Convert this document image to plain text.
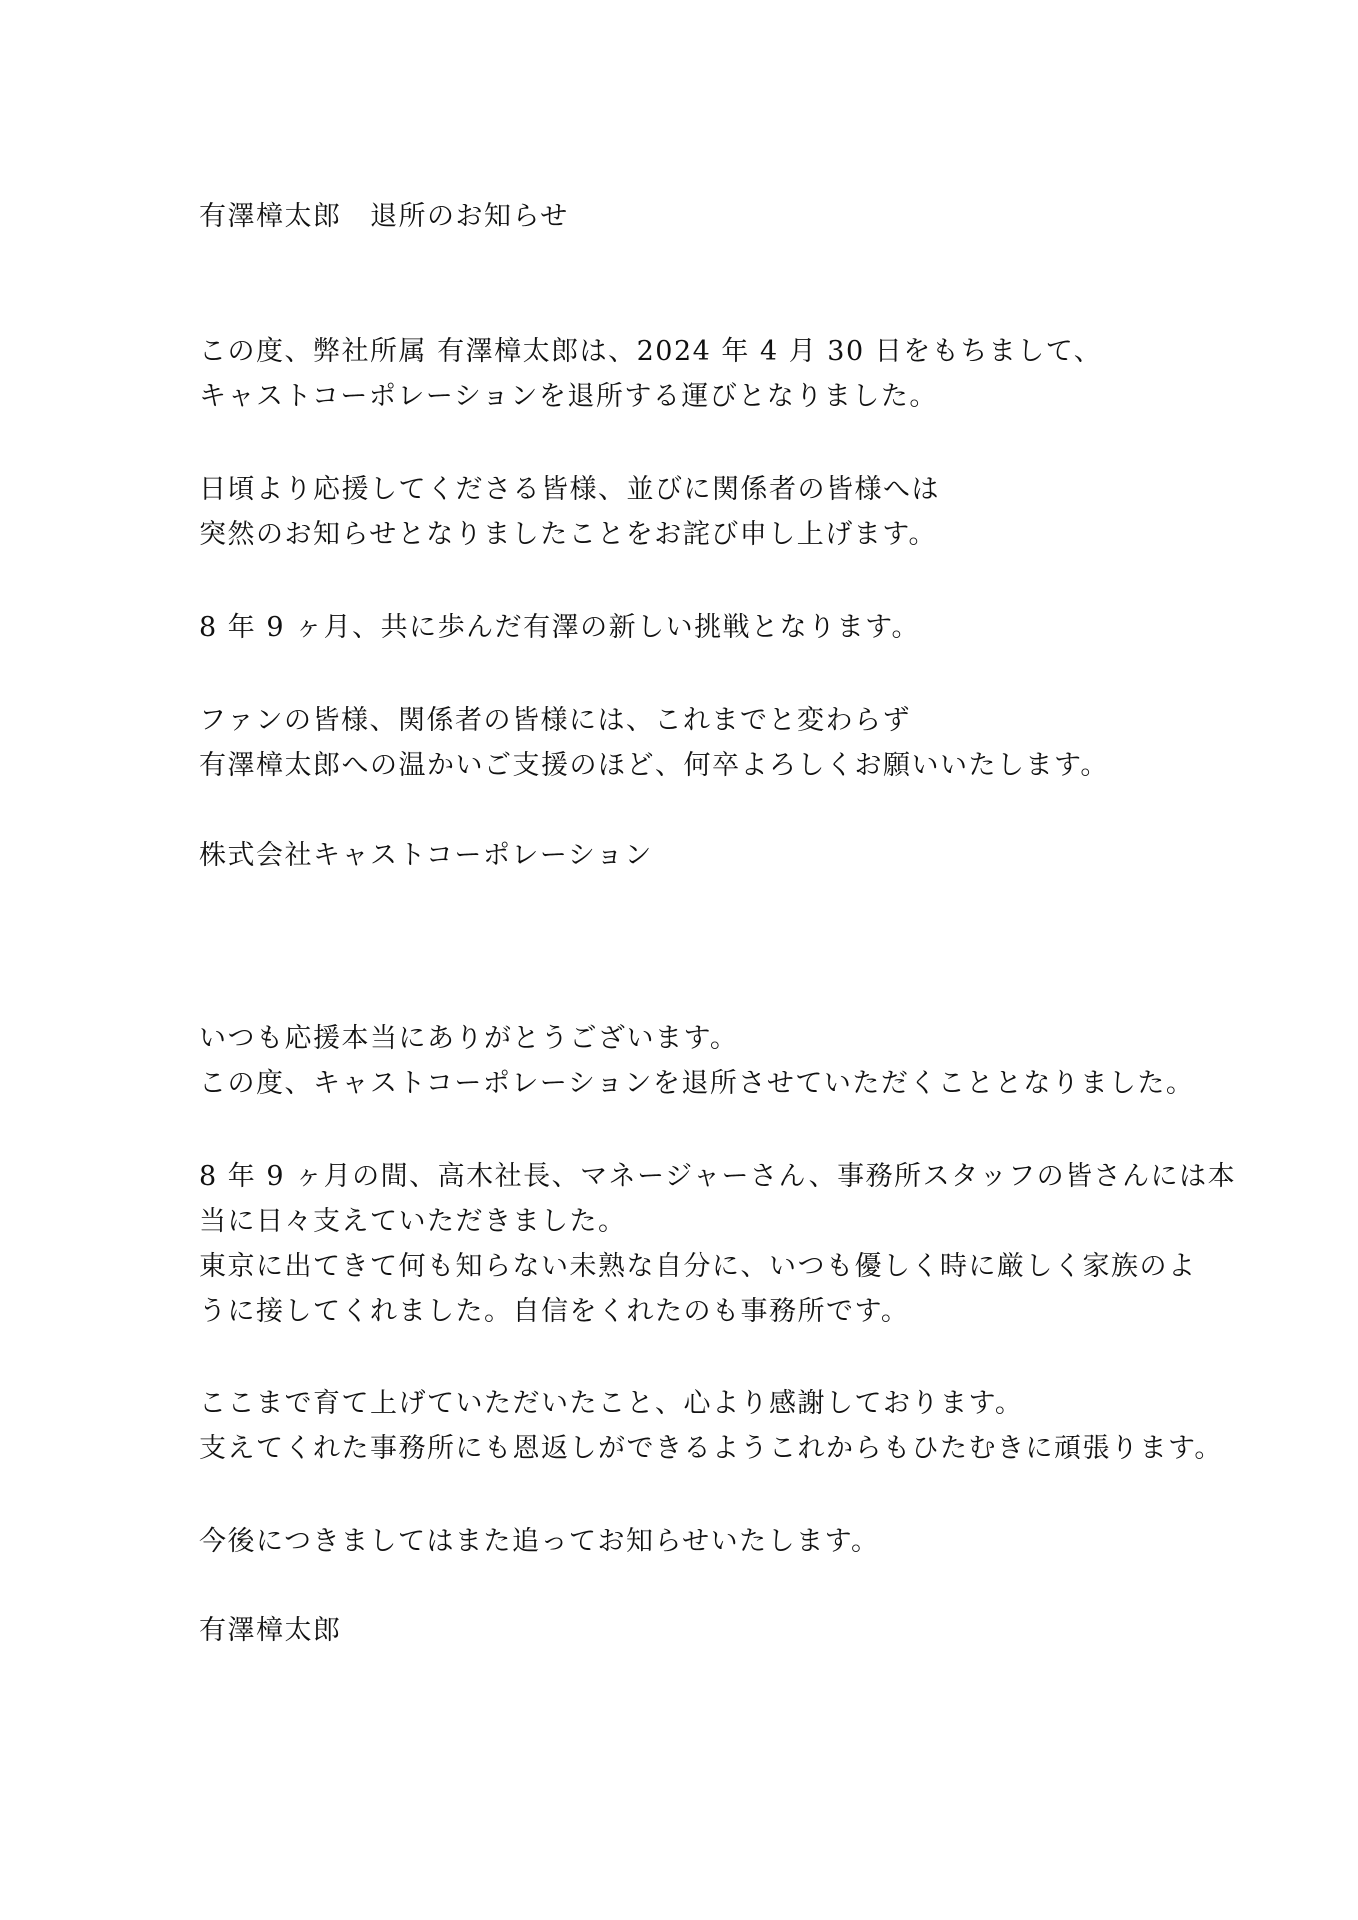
有澤樟太郎　退所のお知らせ

この度、弊社所属 有澤樟太郎は、2024 年 4 月 30 日をもちまして、

キャストコーポレーションを退所する運びとなりました。

日頃より応援してくださる皆様、並びに関係者の皆様へは

突然のお知らせとなりましたことをお詫び申し上げます。

8 年 9 ヶ月、共に歩んだ有澤の新しい挑戦となります。

ファンの皆様、関係者の皆様には、これまでと変わらず

有澤樟太郎への温かいご支援のほど、何卒よろしくお願いいたします。

株式会社キャストコーポレーション

いつも応援本当にありがとうございます。

この度、キャストコーポレーションを退所させていただくこととなりました。

8 年 9 ヶ月の間、高木社長、マネージャーさん、事務所スタッフの皆さんには本

当に日々支えていただきました。

東京に出てきて何も知らない未熟な自分に、いつも優しく時に厳しく家族のよ

うに接してくれました。自信をくれたのも事務所です。

ここまで育て上げていただいたこと、心より感謝しております。

支えてくれた事務所にも恩返しができるようこれからもひたむきに頑張ります。

今後につきましてはまた追ってお知らせいたします。

有澤樟太郎
